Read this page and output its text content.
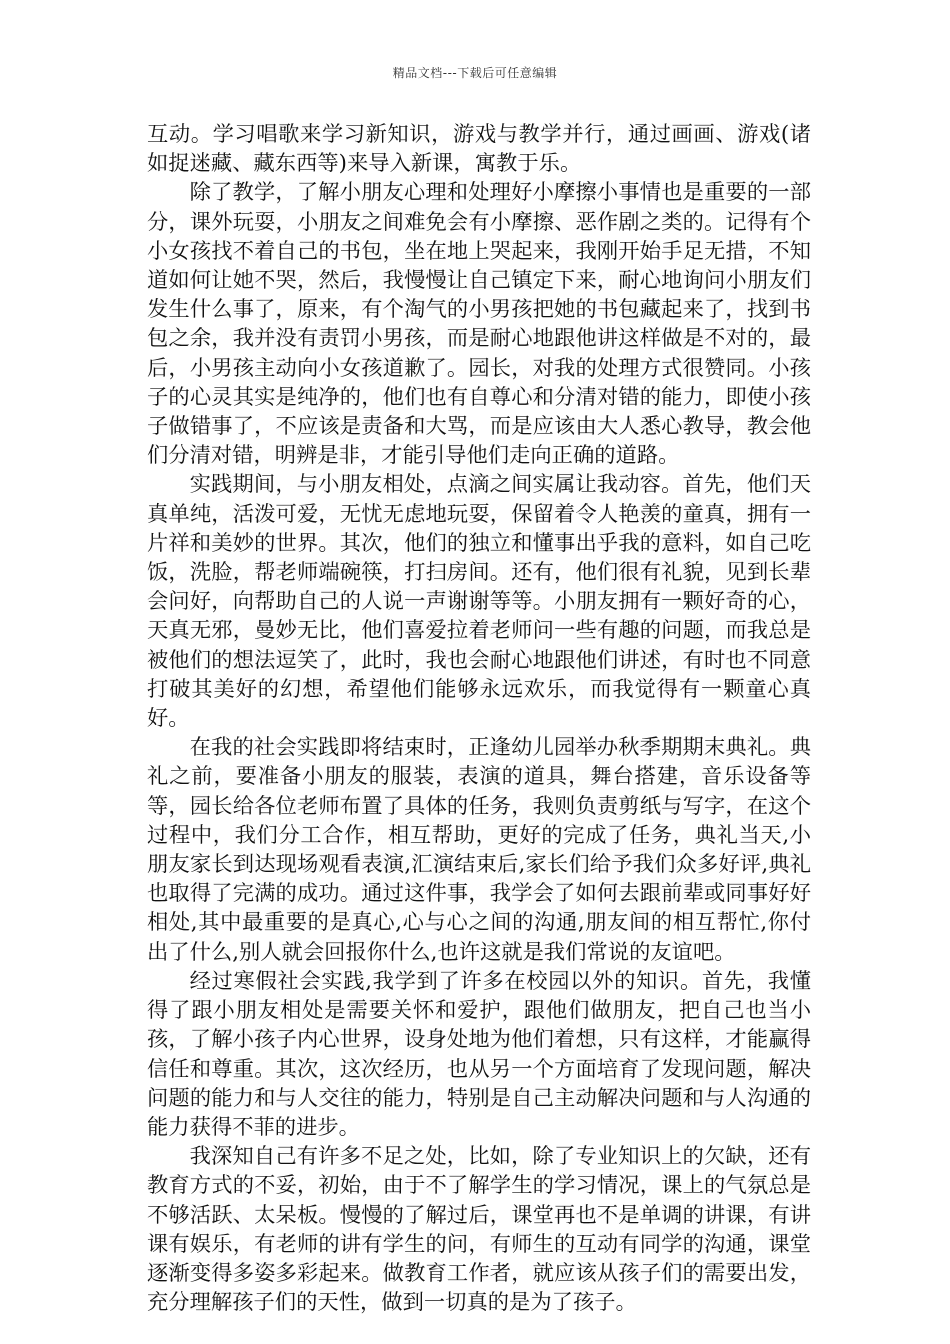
精品文档---下载后可任意编辑

互动。学习唱歌来学习新知识，游戏与教学并行，通过画画、游戏(诸如捉迷藏、藏东西等)来导入新课，寓教于乐。

除了教学，了解小朋友心理和处理好小摩擦小事情也是重要的一部分，课外玩耍，小朋友之间难免会有小摩擦、恶作剧之类的。记得有个小女孩找不着自己的书包，坐在地上哭起来，我刚开始手足无措，不知道如何让她不哭，然后，我慢慢让自己镇定下来，耐心地询问小朋友们发生什么事了，原来，有个淘气的小男孩把她的书包藏起来了，找到书包之余，我并没有责罚小男孩，而是耐心地跟他讲这样做是不对的，最后，小男孩主动向小女孩道歉了。园长，对我的处理方式很赞同。小孩子的心灵其实是纯净的，他们也有自尊心和分清对错的能力，即使小孩子做错事了，不应该是责备和大骂，而是应该由大人悉心教导，教会他们分清对错，明辨是非，才能引导他们走向正确的道路。

实践期间，与小朋友相处，点滴之间实属让我动容。首先，他们天真单纯，活泼可爱，无忧无虑地玩耍，保留着令人艳羡的童真，拥有一片祥和美妙的世界。其次，他们的独立和懂事出乎我的意料，如自己吃饭，洗脸，帮老师端碗筷，打扫房间。还有，他们很有礼貌，见到长辈会问好，向帮助自己的人说一声谢谢等等。小朋友拥有一颗好奇的心，天真无邪，曼妙无比，他们喜爱拉着老师问一些有趣的问题，而我总是被他们的想法逗笑了，此时，我也会耐心地跟他们讲述，有时也不同意打破其美好的幻想，希望他们能够永远欢乐，而我觉得有一颗童心真好。

在我的社会实践即将结束时，正逢幼儿园举办秋季期期末典礼。典礼之前，要准备小朋友的服装，表演的道具，舞台搭建，音乐设备等等，园长给各位老师布置了具体的任务，我则负责剪纸与写字，在这个过程中，我们分工合作，相互帮助，更好的完成了任务，典礼当天,小朋友家长到达现场观看表演,汇演结束后,家长们给予我们众多好评,典礼也取得了完满的成功。通过这件事，我学会了如何去跟前辈或同事好好相处,其中最重要的是真心,心与心之间的沟通,朋友间的相互帮忙,你付出了什么,别人就会回报你什么,也许这就是我们常说的友谊吧。

经过寒假社会实践,我学到了许多在校园以外的知识。首先，我懂得了跟小朋友相处是需要关怀和爱护，跟他们做朋友，把自己也当小孩，了解小孩子内心世界，设身处地为他们着想，只有这样，才能赢得信任和尊重。其次，这次经历，也从另一个方面培育了发现问题，解决问题的能力和与人交往的能力，特别是自己主动解决问题和与人沟通的能力获得不菲的进步。

我深知自己有许多不足之处，比如，除了专业知识上的欠缺，还有教育方式的不妥，初始，由于不了解学生的学习情况，课上的气氛总是不够活跃、太呆板。慢慢的了解过后，课堂再也不是单调的讲课，有讲课有娱乐，有老师的讲有学生的问，有师生的互动有同学的沟通，课堂逐渐变得多姿多彩起来。做教育工作者，就应该从孩子们的需要出发，充分理解孩子们的天性，做到一切真的是为了孩子。
